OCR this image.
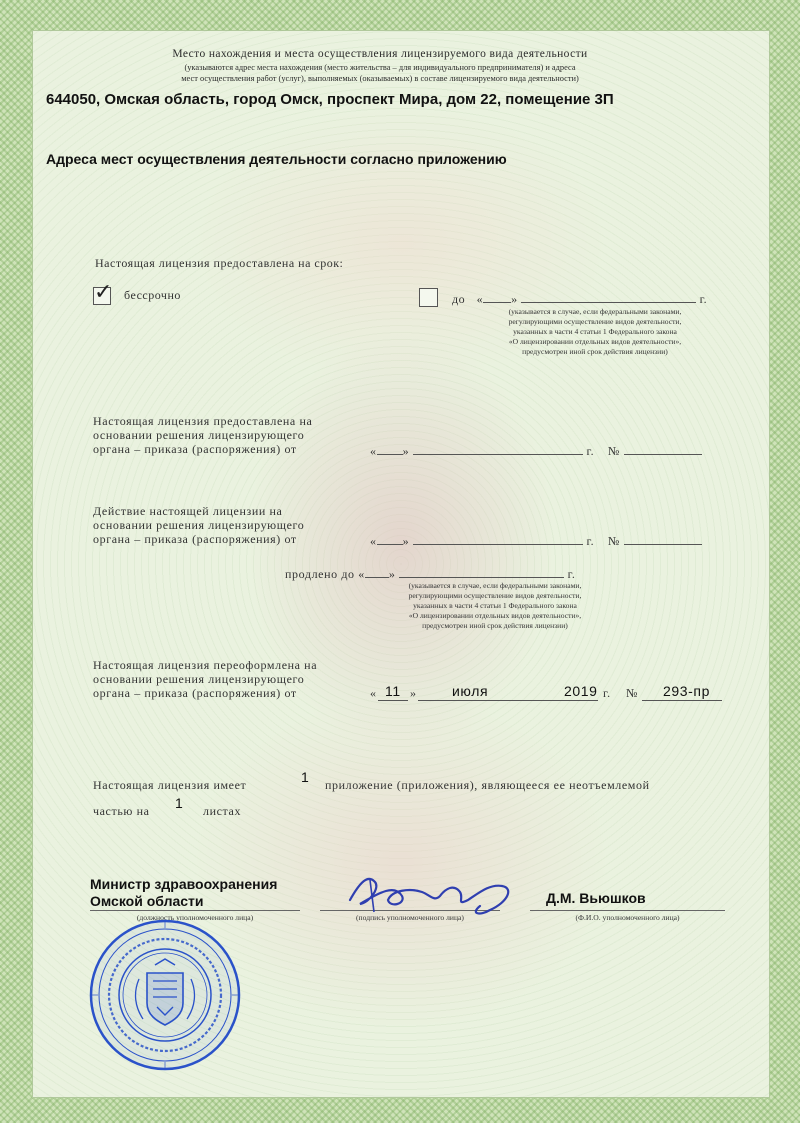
Место нахождения и места осуществления лицензируемого вида деятельности
(указываются адрес места нахождения (место жительства – для индивидуального предпринимателя) и адреса
мест осуществления работ (услуг), выполняемых (оказываемых) в составе лицензируемого вида деятельности)
644050, Омская область, город Омск, проспект Мира, дом 22, помещение 3П
Адреса мест осуществления деятельности согласно приложению
Настоящая лицензия предоставлена на срок:
✓ бессрочно	до « »	г.
(указывается в случае, если федеральными законами,
регулирующими осуществление видов деятельности,
указанных в части 4 статьи 1 Федерального закона
«О лицензировании отдельных видов деятельности»,
предусмотрен иной срок действия лицензии)
Настоящая лицензия предоставлена на
основании решения лицензирующего
органа – приказа (распоряжения) от	« »	г. №
Действие настоящей лицензии на
основании решения лицензирующего
органа – приказа (распоряжения) от	« »	г. №
продлено до « »	г.
(указывается в случае, если федеральными законами,
регулирующими осуществление видов деятельности,
указанных в части 4 статьи 1 Федерального закона
«О лицензировании отдельных видов деятельности»,
предусмотрен иной срок действия лицензии)
Настоящая лицензия переоформлена на
основании решения лицензирующего
органа – приказа (распоряжения) от	« 11 »	июля	2019 г. № 293-пр
Настоящая лицензия имеет	1 приложение (приложения), являющееся ее неотъемлемой
частью на 1 листах
Министр здравоохранения
Омской области
(должность уполномоченного лица)	(подпись уполномоченного лица)
Д.М. Вьюшков
(Ф.И.О. уполномоченного лица)
